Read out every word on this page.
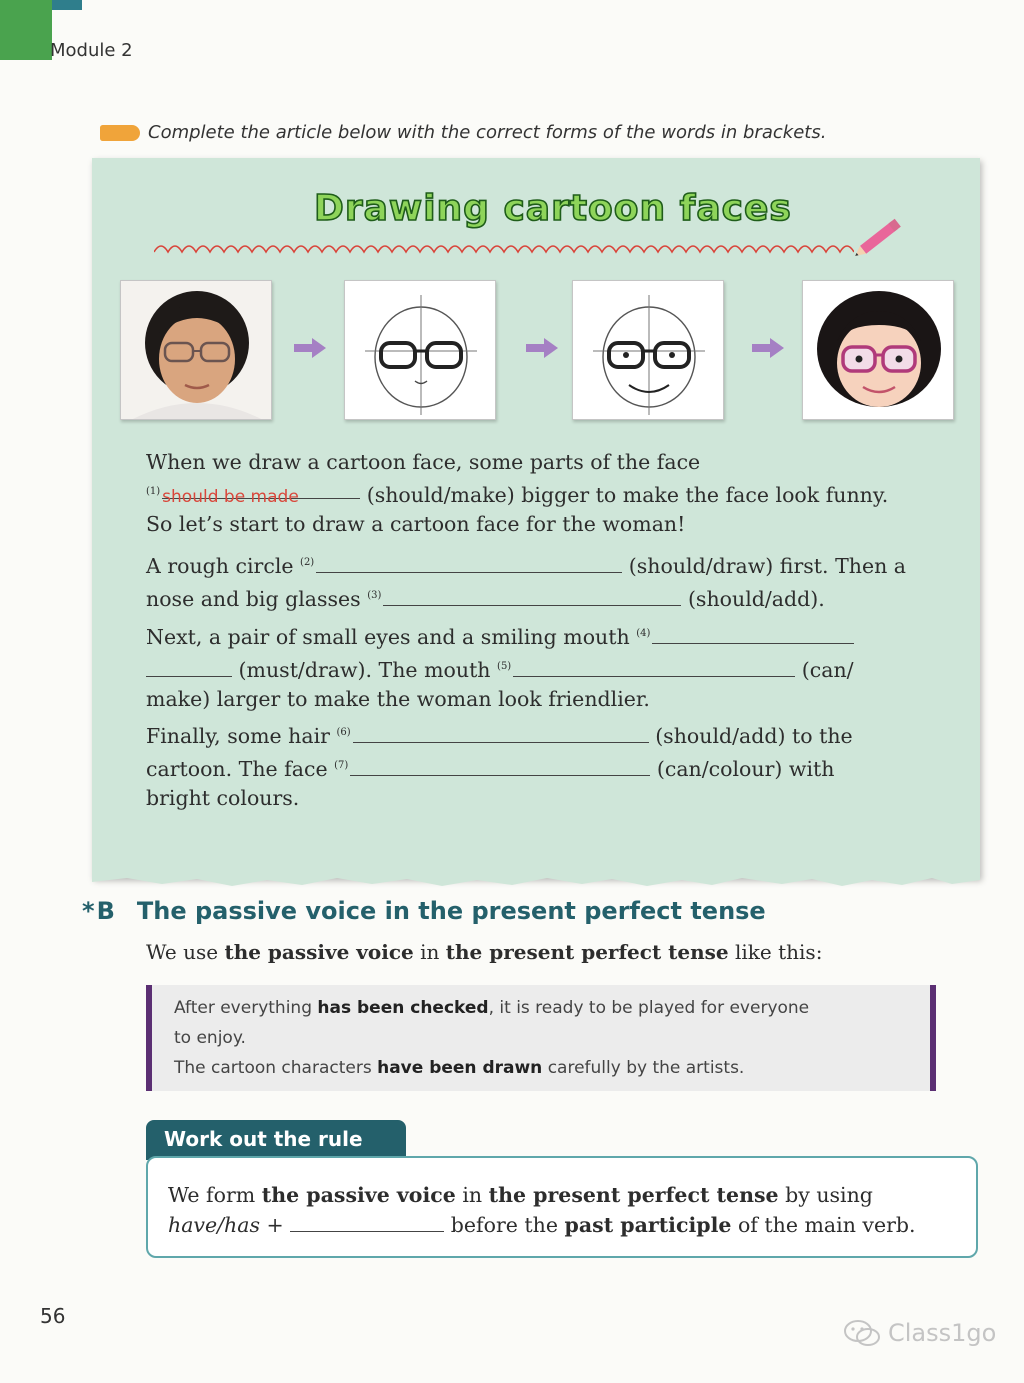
Module 2
Complete the article below with the correct forms of the words in brackets.
Drawing cartoon faces
When we draw a cartoon face, some parts of the face
$^{(1)}$ should be made	(should/make) bigger to make the face look funny.
So let’s start to draw a cartoon face for the woman!
A rough circle $^{(2)}$	(should/draw) first. Then a
nose and big glasses $^{(3)}$	(should/add).
Next, a pair of small eyes and a smiling mouth $^{(4)}$
(must/draw). The mouth $^{(5)}$	(can/
make) larger to make the woman look friendlier.
Finally, some hair $^{(6)}$	(should/add) to the
cartoon. The face $^{(7)}$	(can/colour) with
bright colours.
*B The passive voice in the present perfect tense
We use the passive voice in the present perfect tense like this:

After everything has been checked, it is ready to be played for everyone
to enjoy.

The cartoon characters have been drawn carefully by the artists.

Work out the rule
We form the passive voice in the present perfect tense by using
have/has +	before the past participle of the main verb.
56
Class1go
